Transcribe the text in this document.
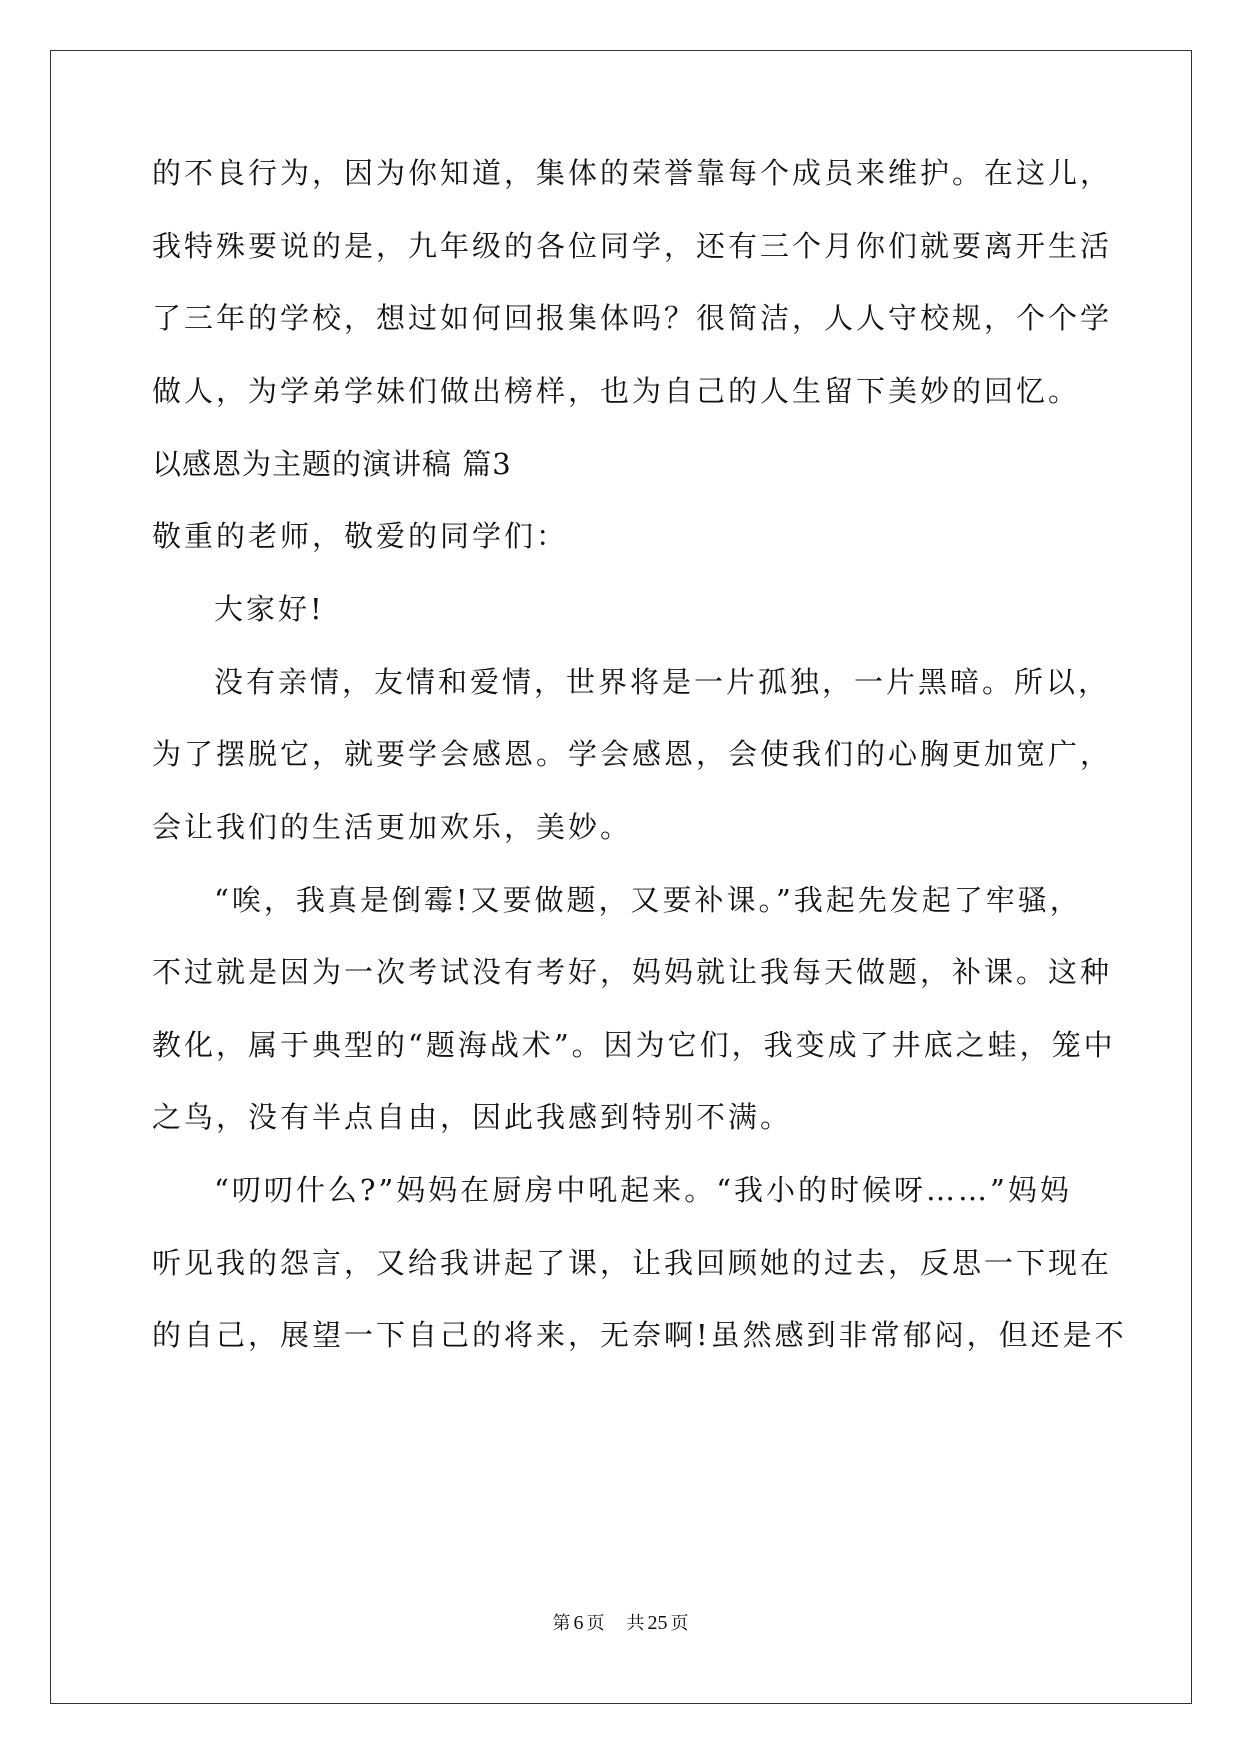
的不良行为，因为你知道，集体的荣誉靠每个成员来维护。在这儿，
我特殊要说的是，九年级的各位同学，还有三个月你们就要离开生活
了三年的学校，想过如何回报集体吗？很简洁，人人守校规，个个学
做人，为学弟学妹们做出榜样，也为自己的人生留下美妙的回忆。
以感恩为主题的演讲稿 篇3
敬重的老师，敬爱的同学们：
大家好!
没有亲情，友情和爱情，世界将是一片孤独，一片黑暗。所以，
为了摆脱它，就要学会感恩。学会感恩，会使我们的心胸更加宽广，
会让我们的生活更加欢乐，美妙。
“唉，我真是倒霉!又要做题，又要补课。”我起先发起了牢骚，
不过就是因为一次考试没有考好，妈妈就让我每天做题，补课。这种
教化，属于典型的“题海战术”。因为它们，我变成了井底之蛙，笼中
之鸟，没有半点自由，因此我感到特别不满。
“叨叨什么?”妈妈在厨房中吼起来。“我小的时候呀……”妈妈
听见我的怨言，又给我讲起了课，让我回顾她的过去，反思一下现在
的自己，展望一下自己的将来，无奈啊!虽然感到非常郁闷，但还是不
第 6 页 共 25 页
